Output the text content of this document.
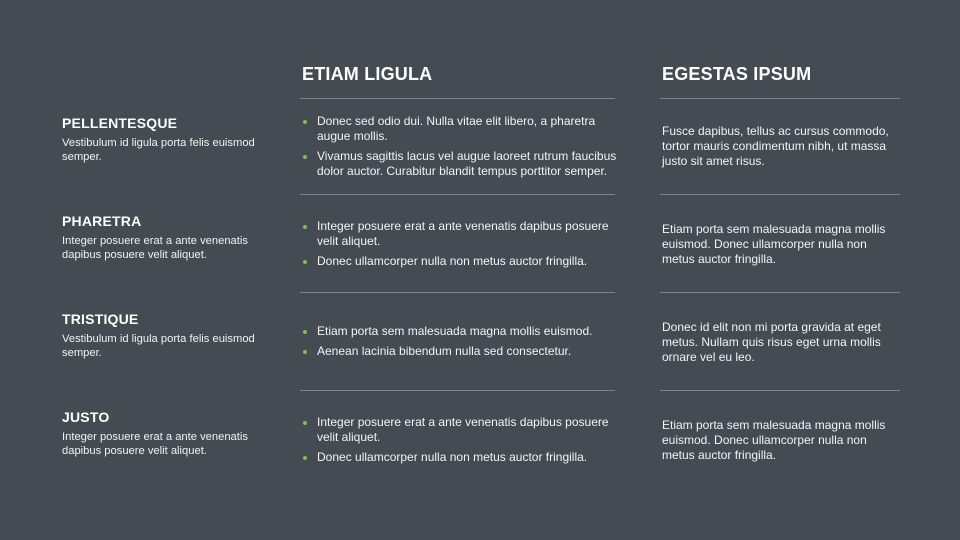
ETIAM LIGULA	EGESTAS IPSUM
PELLENTESQUE
Vestibulum id ligula porta felis euismod semper.
Donec sed odio dui. Nulla vitae elit libero, a pharetra augue mollis.
Vivamus sagittis lacus vel augue laoreet rutrum faucibus dolor auctor. Curabitur blandit tempus porttitor semper.
Fusce dapibus, tellus ac cursus commodo, tortor mauris condimentum nibh, ut massa justo sit amet risus.
PHARETRA
Integer posuere erat a ante venenatis dapibus posuere velit aliquet.
Integer posuere erat a ante venenatis dapibus posuere velit aliquet.
Donec ullamcorper nulla non metus auctor fringilla.
Etiam porta sem malesuada magna mollis euismod. Donec ullamcorper nulla non metus auctor fringilla.
TRISTIQUE
Vestibulum id ligula porta felis euismod semper.
Etiam porta sem malesuada magna mollis euismod.
Aenean lacinia bibendum nulla sed consectetur.
Donec id elit non mi porta gravida at eget metus. Nullam quis risus eget urna mollis ornare vel eu leo.
JUSTO
Integer posuere erat a ante venenatis dapibus posuere velit aliquet.
Integer posuere erat a ante venenatis dapibus posuere velit aliquet.
Donec ullamcorper nulla non metus auctor fringilla.
Etiam porta sem malesuada magna mollis euismod. Donec ullamcorper nulla non metus auctor fringilla.
